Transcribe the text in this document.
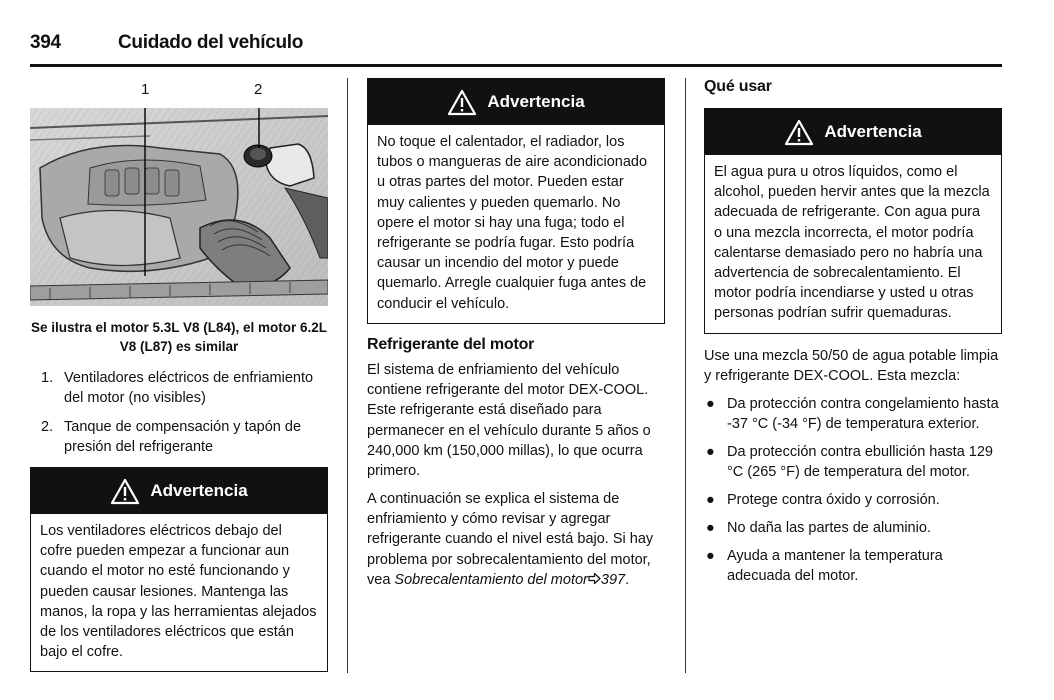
394	Cuidado del vehículo
1	2
Se ilustra el motor 5.3L V8 (L84), el motor 6.2L
V8 (L87) es similar
1. Ventiladores eléctricos de enfriamiento del motor (no visibles)
2. Tanque de compensación y tapón de presión del refrigerante
Advertencia
Los ventiladores eléctricos debajo del cofre pueden empezar a funcionar aun cuando el motor no esté funcionando y pueden causar lesiones. Mantenga las manos, la ropa y las herramientas alejados de los ventiladores eléctricos que están bajo el cofre.
Advertencia
No toque el calentador, el radiador, los tubos o mangueras de aire acondicionado u otras partes del motor. Pueden estar muy calientes y pueden quemarlo. No opere el motor si hay una fuga; todo el refrigerante se podría fugar. Esto podría causar un incendio del motor y puede quemarlo. Arregle cualquier fuga antes de conducir el vehículo.
Refrigerante del motor

El sistema de enfriamiento del vehículo contiene refrigerante del motor DEX-COOL. Este refrigerante está diseñado para permanecer en el vehículo durante 5 años o 240,000 km (150,000 millas), lo que ocurra primero.

A continuación se explica el sistema de enfriamiento y cómo revisar y agregar refrigerante cuando el nivel está bajo. Si hay problema por sobrecalentamiento del motor, vea Sobrecalentamiento del motor 397.

Qué usar
Advertencia
El agua pura u otros líquidos, como el alcohol, pueden hervir antes que la mezcla adecuada de refrigerante. Con agua pura o una mezcla incorrecta, el motor podría calentarse demasiado pero no habría una advertencia de sobrecalentamiento. El motor podría incendiarse y usted u otras personas podrían sufrir quemaduras.

Use una mezcla 50/50 de agua potable limpia y refrigerante DEX-COOL. Esta mezcla:

● Da protección contra congelamiento hasta -37 °C (-34 °F) de temperatura exterior.
● Da protección contra ebullición hasta 129 °C (265 °F) de temperatura del motor.
● Protege contra óxido y corrosión.
● No daña las partes de aluminio.
● Ayuda a mantener la temperatura adecuada del motor.
